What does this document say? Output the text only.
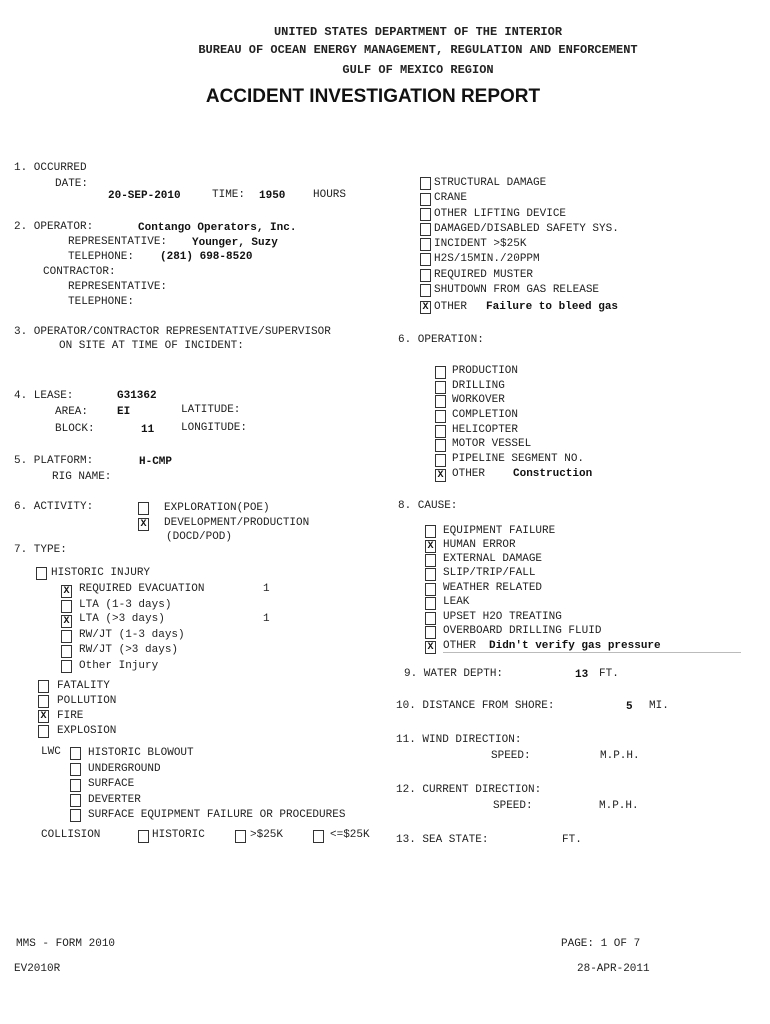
UNITED STATES DEPARTMENT OF THE INTERIOR
BUREAU OF OCEAN ENERGY MANAGEMENT, REGULATION AND ENFORCEMENT
GULF OF MEXICO REGION
ACCIDENT INVESTIGATION REPORT
1. OCCURRED
DATE:
20-SEP-2010	TIME: 1950	HOURS
2. OPERATOR:	Contango Operators, Inc.
REPRESENTATIVE: Younger, Suzy
TELEPHONE: (281) 698-8520
CONTRACTOR:
REPRESENTATIVE:
TELEPHONE:
3. OPERATOR/CONTRACTOR REPRESENTATIVE/SUPERVISOR
ON SITE AT TIME OF INCIDENT:
4. LEASE:	G31362
AREA:	EI	LATITUDE:
BLOCK:	11 LONGITUDE:
5. PLATFORM:	H-CMP
RIG NAME:
6. ACTIVITY:	EXPLORATION(POE)
X DEVELOPMENT/PRODUCTION
(DOCD/POD)
7. TYPE:
HISTORIC INJURY
X REQUIRED EVACUATION	1
LTA (1-3 days)
X LTA (>3 days)	1
RW/JT (1-3 days)
RW/JT (>3 days)
Other Injury
FATALITY
POLLUTION
X FIRE
EXPLOSION
LWC HISTORIC BLOWOUT
UNDERGROUND
SURFACE
DEVERTER
SURFACE EQUIPMENT FAILURE OR PROCEDURES
COLLISION	HISTORIC	>$25K	<=$25K
STRUCTURAL DAMAGE
CRANE
OTHER LIFTING DEVICE
DAMAGED/DISABLED SAFETY SYS.
INCIDENT >$25K
H2S/15MIN./20PPM
REQUIRED MUSTER
SHUTDOWN FROM GAS RELEASE
X OTHER Failure to bleed gas
6. OPERATION:
PRODUCTION
DRILLING
WORKOVER
COMPLETION
HELICOPTER
MOTOR VESSEL
PIPELINE SEGMENT NO.
X OTHER	Construction
8. CAUSE:
EQUIPMENT FAILURE
X HUMAN ERROR
EXTERNAL DAMAGE
SLIP/TRIP/FALL
WEATHER RELATED
LEAK
UPSET H2O TREATING
OVERBOARD DRILLING FLUID
X OTHER Didn't verify gas pressure
9. WATER DEPTH:	13 FT.
10. DISTANCE FROM SHORE:	5 MI.
11. WIND DIRECTION:
SPEED:	M.P.H.
12. CURRENT DIRECTION:
SPEED:	M.P.H.
13. SEA STATE:	FT.
MMS - FORM 2010
EV2010R
PAGE: 1 OF 7
28-APR-2011
